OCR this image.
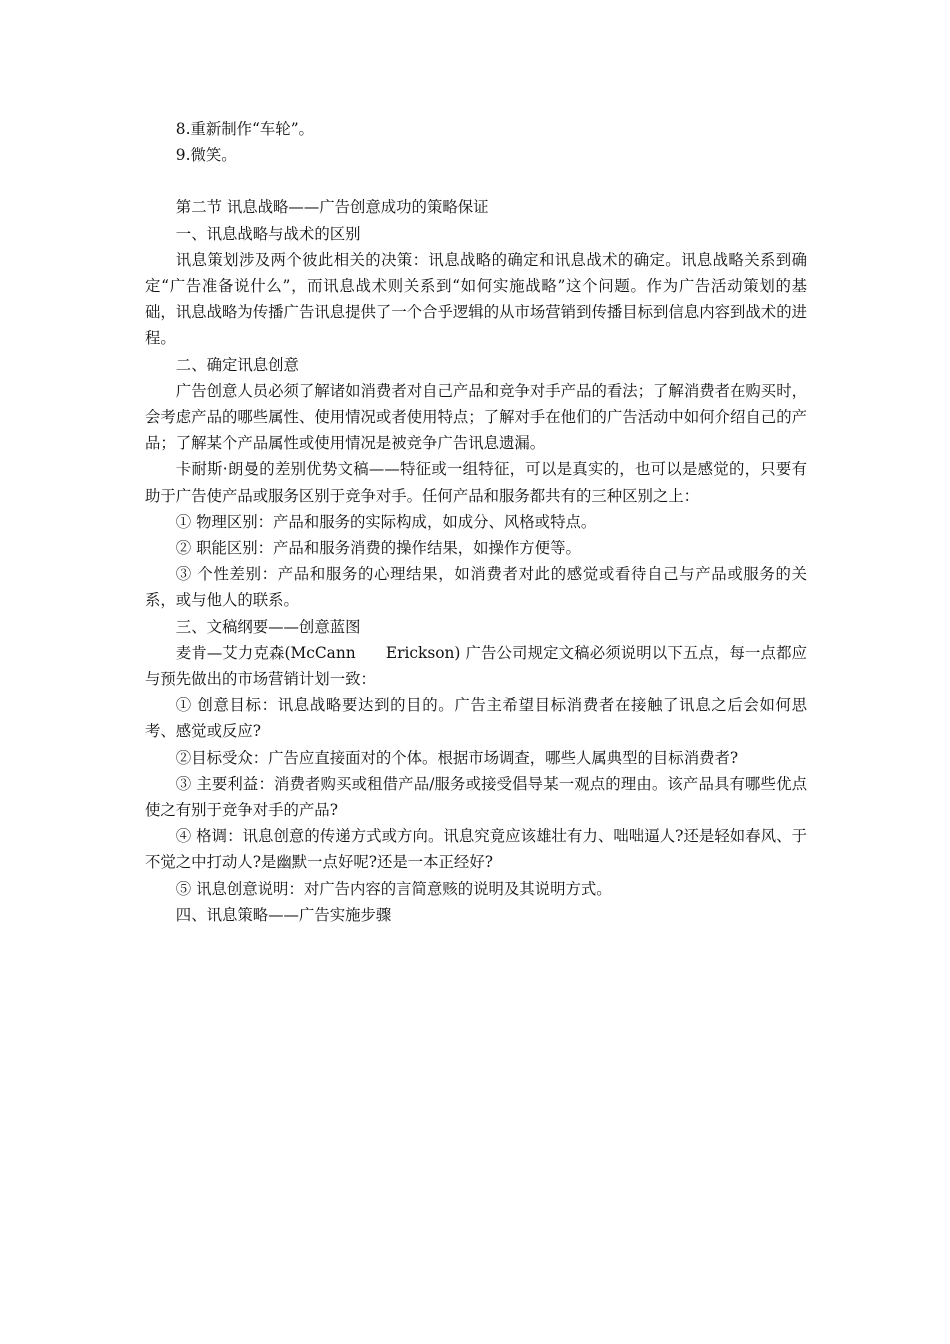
8.重新制作“车轮”。

9.微笑。

第二节 讯息战略——广告创意成功的策略保证

一、讯息战略与战术的区别

讯息策划涉及两个彼此相关的决策：讯息战略的确定和讯息战术的确定。讯息战略关系到确定“广告准备说什么”，而讯息战术则关系到“如何实施战略”这个问题。作为广告活动策划的基础，讯息战略为传播广告讯息提供了一个合乎逻辑的从市场营销到传播目标到信息内容到战术的进程。

二、确定讯息创意

广告创意人员必须了解诸如消费者对自己产品和竞争对手产品的看法；了解消费者在购买时，会考虑产品的哪些属性、使用情况或者使用特点；了解对手在他们的广告活动中如何介绍自己的产品；了解某个产品属性或使用情况是被竞争广告讯息遗漏。

卡耐斯·朗曼的差别优势文稿——特征或一组特征，可以是真实的，也可以是感觉的，只要有助于广告使产品或服务区别于竞争对手。任何产品和服务都共有的三种区别之上：

① 物理区别：产品和服务的实际构成，如成分、风格或特点。

② 职能区别：产品和服务消费的操作结果，如操作方便等。

③ 个性差别：产品和服务的心理结果，如消费者对此的感觉或看待自己与产品或服务的关系，或与他人的联系。

三、文稿纲要——创意蓝图

麦肯—艾力克森(McCann Erickson) 广告公司规定文稿必须说明以下五点，每一点都应与预先做出的市场营销计划一致：

① 创意目标：讯息战略要达到的目的。广告主希望目标消费者在接触了讯息之后会如何思考、感觉或反应?

②目标受众：广告应直接面对的个体。根据市场调查，哪些人属典型的目标消费者?

③ 主要利益：消费者购买或租借产品/服务或接受倡导某一观点的理由。该产品具有哪些优点使之有别于竞争对手的产品?

④ 格调：讯息创意的传递方式或方向。讯息究竟应该雄壮有力、咄咄逼人?还是轻如春风、于不觉之中打动人?是幽默一点好呢?还是一本正经好?

⑤ 讯息创意说明：对广告内容的言简意赅的说明及其说明方式。

四、讯息策略——广告实施步骤
